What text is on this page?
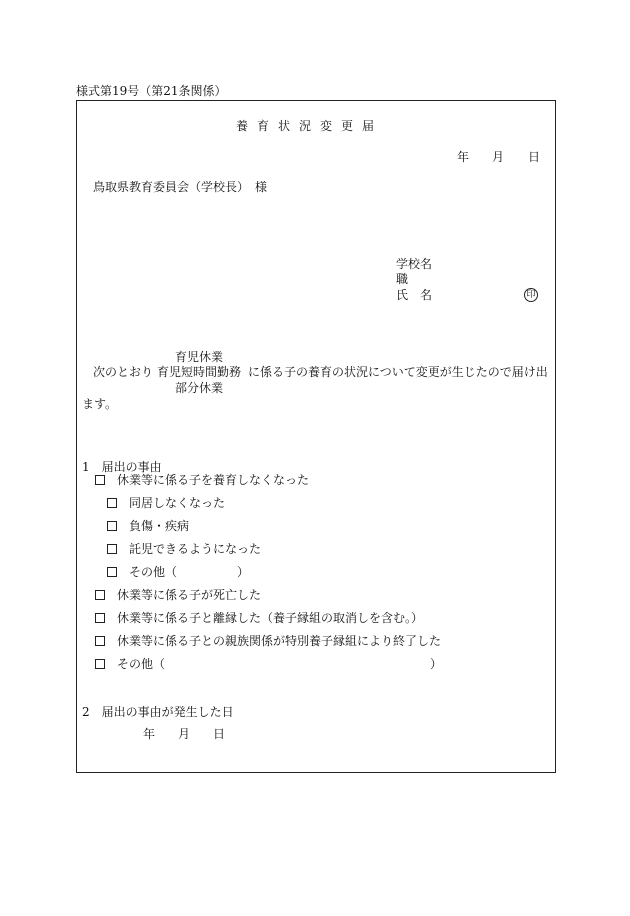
様式第19号（第21条関係）
養育状況変更届
年 月 日
鳥取県教育委員会（学校長）　様
学校名
職
氏　名	印
育児休業
次のとおり 育児短時間勤務 に係る子の養育の状況について変更が生じたので届け出
部分休業
ます。
1　届出の事由
休業等に係る子を養育しなくなった
同居しなくなった
負傷・疾病
託児できるようになった
その他（　　　　　）
休業等に係る子が死亡した
休業等に係る子と離縁した（養子縁組の取消しを含む。）
休業等に係る子との親族関係が特別養子縁組により終了した
その他（	）
2　届出の事由が発生した日
年 月 日
